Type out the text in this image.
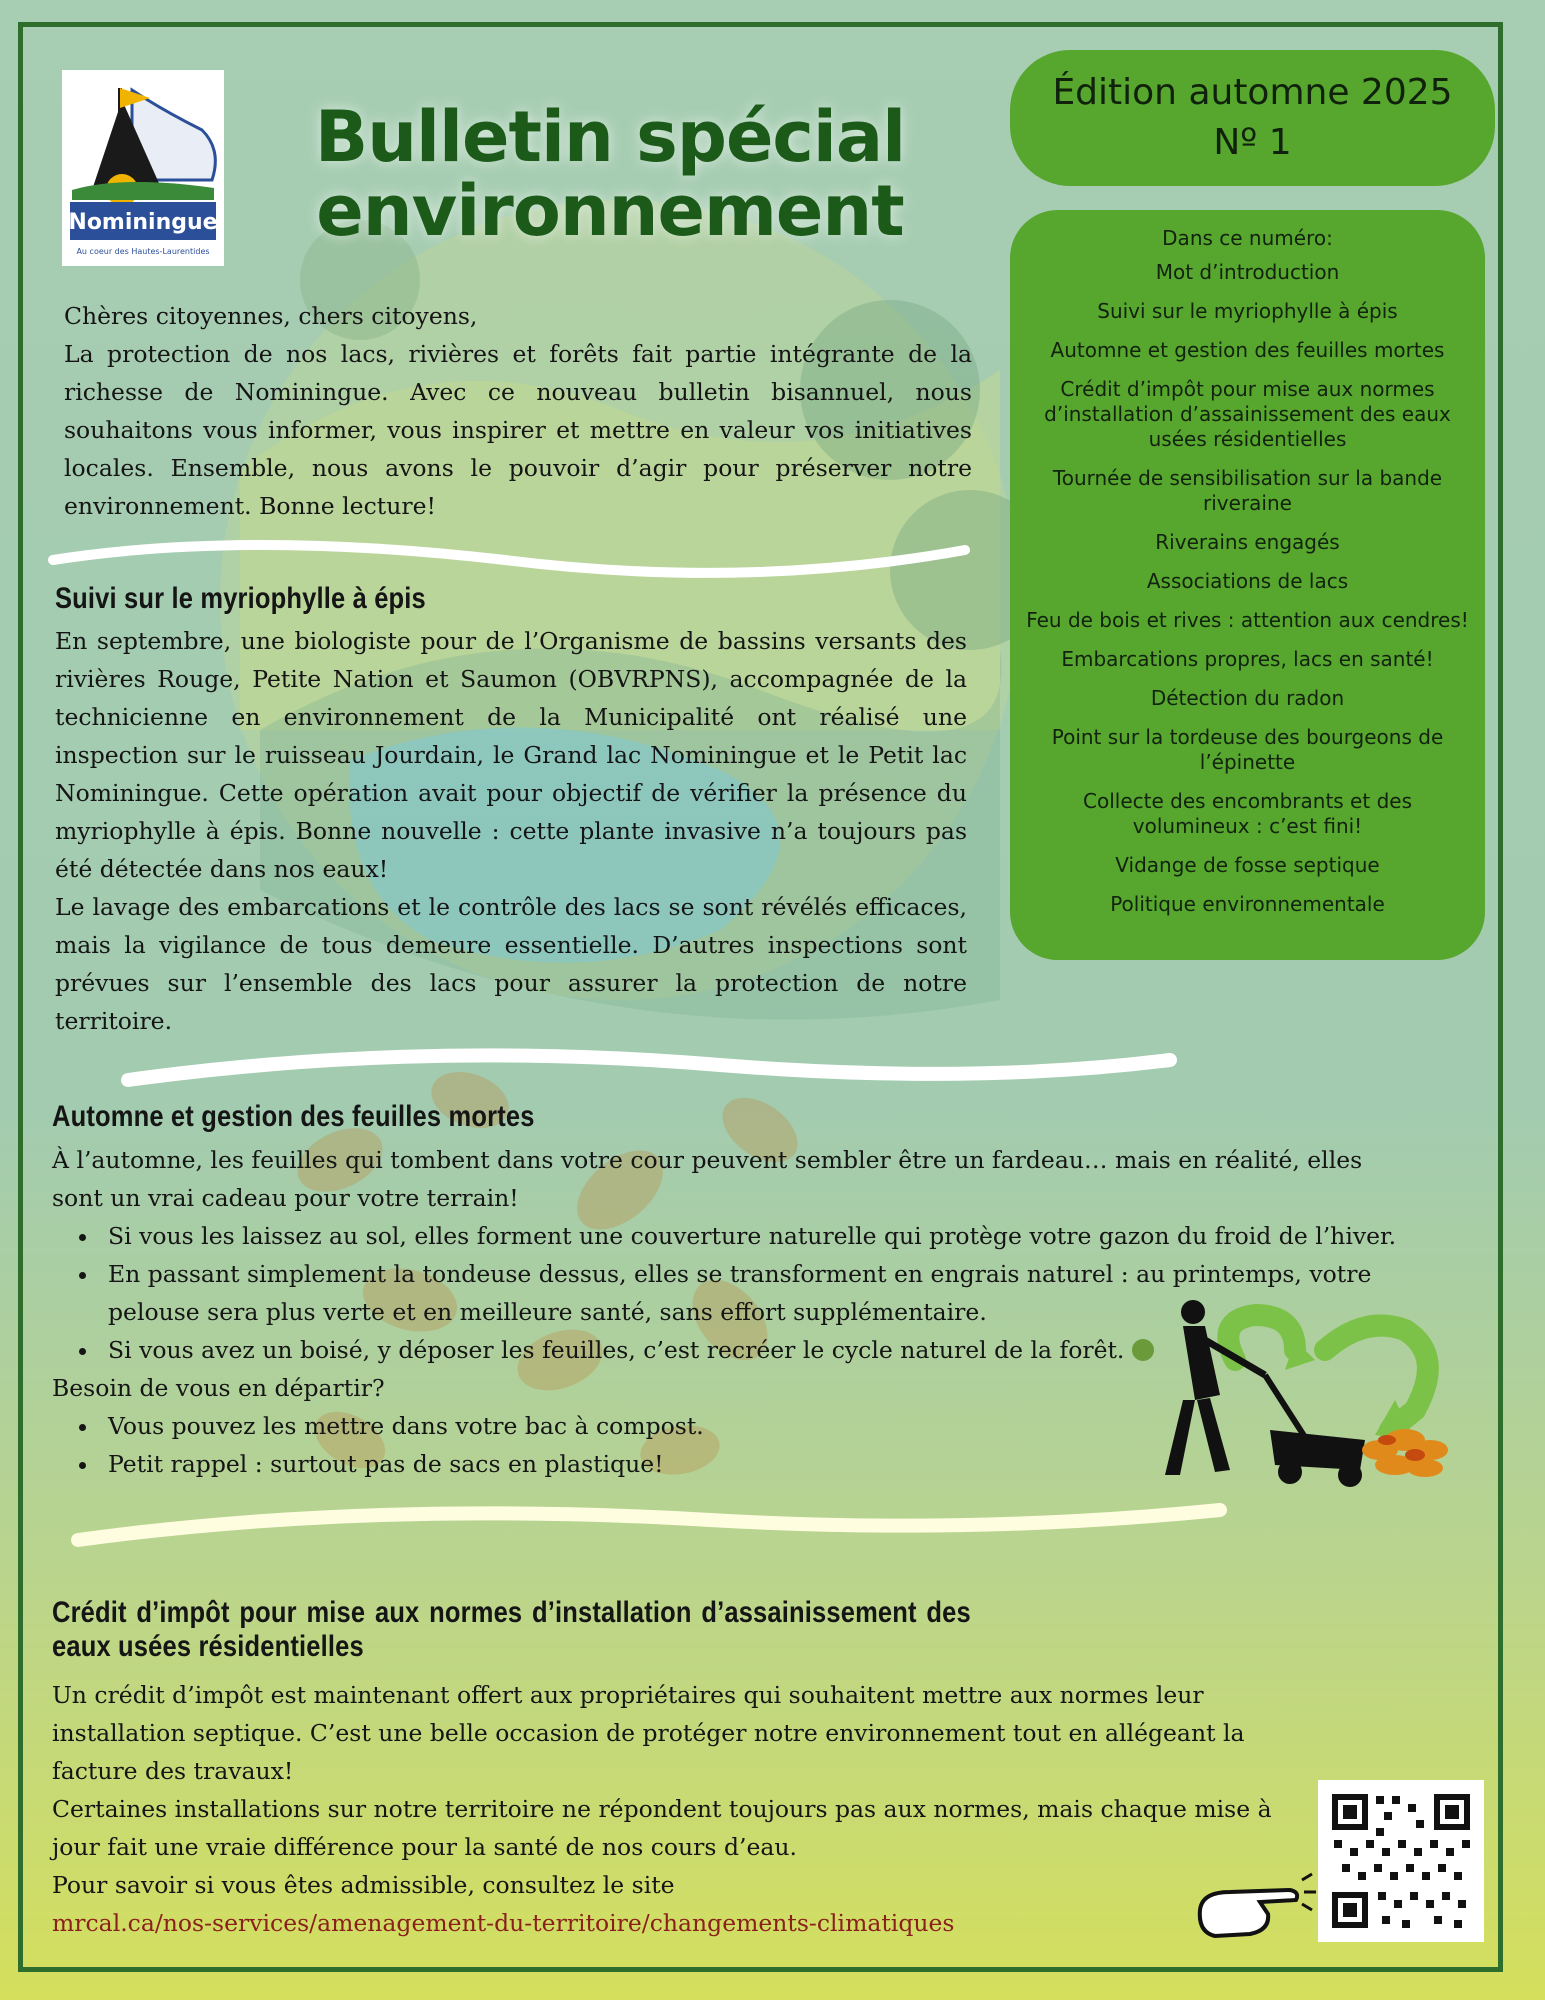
Nominingue
Au coeur des Hautes-Laurentides
Bulletin spécial
environnement
Édition automne 2025
Nº 1
Dans ce numéro:
Mot d’introduction
Suivi sur le myriophylle à épis
Automne et gestion des feuilles mortes
Crédit d’impôt pour mise aux normes d’installation d’assainissement des eaux usées résidentielles
Tournée de sensibilisation sur la bande riveraine
Riverains engagés
Associations de lacs
Feu de bois et rives : attention aux cendres!
Embarcations propres, lacs en santé!
Détection du radon
Point sur la tordeuse des bourgeons de l’épinette
Collecte des encombrants et des volumineux : c’est fini!
Vidange de fosse septique
Politique environnementale
Chères citoyennes, chers citoyens,
La protection de nos lacs, rivières et forêts fait partie intégrante de la richesse de Nominingue. Avec ce nouveau bulletin bisannuel, nous souhaitons vous informer, vous inspirer et mettre en valeur vos initiatives locales. Ensemble, nous avons le pouvoir d’agir pour préserver notre environnement. Bonne lecture!
Suivi sur le myriophylle à épis
En septembre, une biologiste pour de l’Organisme de bassins versants des rivières Rouge, Petite Nation et Saumon (OBVRPNS), accompagnée de la technicienne en environnement de la Municipalité ont réalisé une inspection sur le ruisseau Jourdain, le Grand lac Nominingue et le Petit lac Nominingue. Cette opération avait pour objectif de vérifier la présence du myriophylle à épis. Bonne nouvelle : cette plante invasive n’a toujours pas été détectée dans nos eaux!
Le lavage des embarcations et le contrôle des lacs se sont révélés efficaces, mais la vigilance de tous demeure essentielle. D’autres inspections sont prévues sur l’ensemble des lacs pour assurer la protection de notre territoire.
Automne et gestion des feuilles mortes
À l’automne, les feuilles qui tombent dans votre cour peuvent sembler être un fardeau… mais en réalité, elles sont un vrai cadeau pour votre terrain!
• Si vous les laissez au sol, elles forment une couverture naturelle qui protège votre gazon du froid de l’hiver.
• En passant simplement la tondeuse dessus, elles se transforment en engrais naturel : au printemps, votre pelouse sera plus verte et en meilleure santé, sans effort supplémentaire.
• Si vous avez un boisé, y déposer les feuilles, c’est recréer le cycle naturel de la forêt.
Besoin de vous en départir?
• Vous pouvez les mettre dans votre bac à compost.
• Petit rappel : surtout pas de sacs en plastique!
Crédit d’impôt pour mise aux normes d’installation d’assainissement des eaux usées résidentielles
Un crédit d’impôt est maintenant offert aux propriétaires qui souhaitent mettre aux normes leur installation septique. C’est une belle occasion de protéger notre environnement tout en allégeant la facture des travaux!
Certaines installations sur notre territoire ne répondent toujours pas aux normes, mais chaque mise à jour fait une vraie différence pour la santé de nos cours d’eau.
Pour savoir si vous êtes admissible, consultez le site
mrcal.ca/nos-services/amenagement-du-territoire/changements-climatiques
